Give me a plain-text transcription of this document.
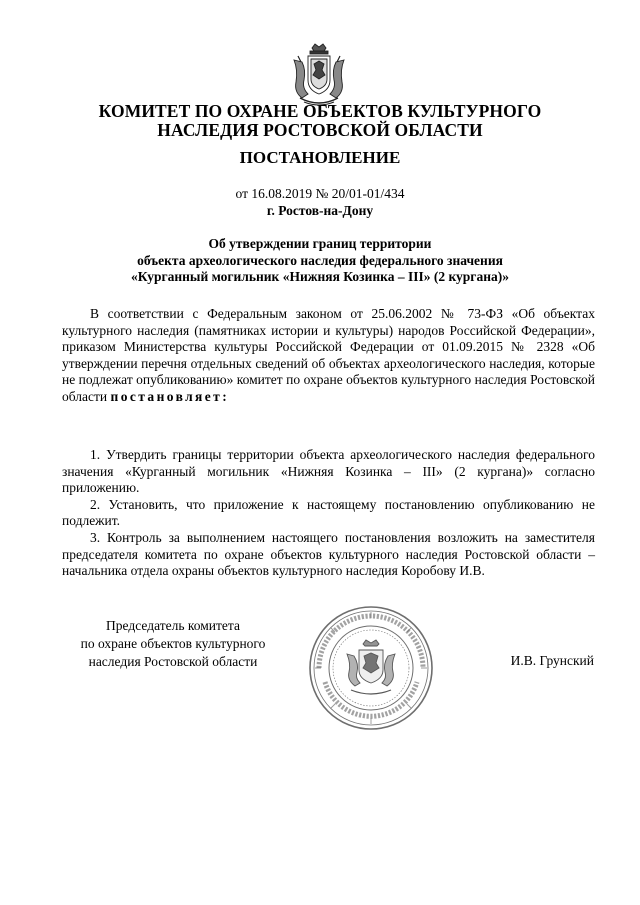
КОМИТЕТ ПО ОХРАНЕ ОБЪЕКТОВ КУЛЬТУРНОГО
НАСЛЕДИЯ РОСТОВСКОЙ ОБЛАСТИ
ПОСТАНОВЛЕНИЕ
от 16.08.2019 № 20/01-01/434
г. Ростов-на-Дону
Об утверждении границ территории
объекта археологического наследия федерального значения
«Курганный могильник «Нижняя Козинка – III» (2 кургана)»

В соответствии с Федеральным законом от 25.06.2002 № 73-ФЗ «Об объектах культурного наследия (памятниках истории и культуры) народов Российской Федерации», приказом Министерства культуры Российской Федерации от 01.09.2015 № 2328 «Об утверждении перечня отдельных сведений об объектах археологического наследия, которые не подлежат опубликованию» комитет по охране объектов культурного наследия Ростовской области постановляет:

1. Утвердить границы территории объекта археологического наследия федерального значения «Курганный могильник «Нижняя Козинка – III» (2 кургана)» согласно приложению.

2. Установить, что приложение к настоящему постановлению опубликованию не подлежит.

3. Контроль за выполнением настоящего постановления возложить на заместителя председателя комитета по охране объектов культурного наследия Ростовской области – начальника отдела охраны объектов культурного наследия Коробову И.В.

Председатель комитета
по охране объектов культурного
наследия Ростовской области	И.В. Грунский
